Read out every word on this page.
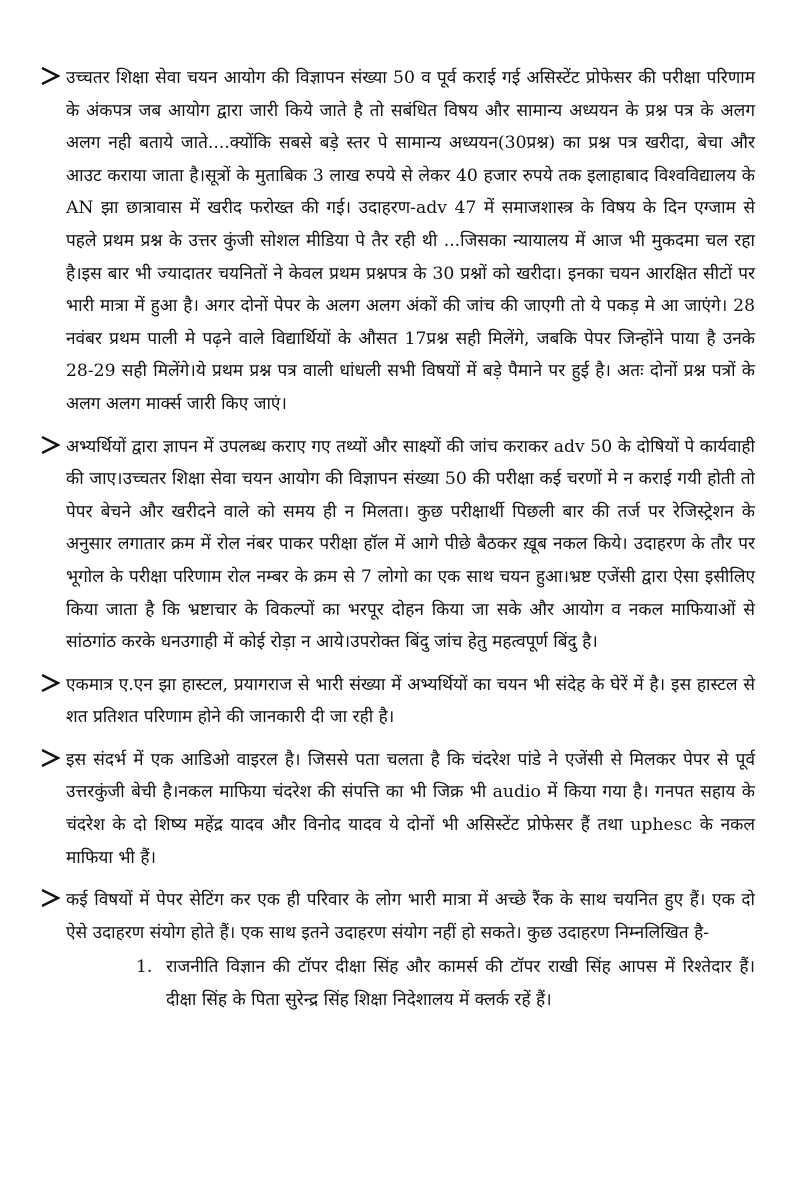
उच्चतर शिक्षा सेवा चयन आयोग की विज्ञापन संख्या 50 व पूर्व कराई गई असिस्टेंट प्रोफेसर की परीक्षा परिणाम के अंकपत्र जब आयोग द्वारा जारी किये जाते है तो सबंधित विषय और सामान्य अध्ययन के प्रश्न पत्र के अलग अलग नही बताये जाते....क्योंकि सबसे बड़े स्तर पे सामान्य अध्ययन(30प्रश्न) का प्रश्न पत्र खरीदा, बेचा और आउट कराया जाता है।सूत्रों के मुताबिक 3 लाख रुपये से लेकर 40 हजार रुपये तक इलाहाबाद विश्वविद्यालय के AN झा छात्रावास में खरीद फरोख्त की गई। उदाहरण-adv 47 में समाजशास्त्र के विषय के दिन एग्जाम से पहले प्रथम प्रश्न के उत्तर कुंजी सोशल मीडिया पे तैर रही थी ...जिसका न्यायालय में आज भी मुकदमा चल रहा है।इस बार भी ज्यादातर चयनितों ने केवल प्रथम प्रश्नपत्र के 30 प्रश्नों को खरीदा। इनका चयन आरक्षित सीटों पर भारी मात्रा में हुआ है। अगर दोनों पेपर के अलग अलग अंकों की जांच की जाएगी तो ये पकड़ मे आ जाएंगे। 28 नवंबर प्रथम पाली मे पढ़ने वाले विद्यार्थियों के औसत 17प्रश्न सही मिलेंगे, जबकि पेपर जिन्होंने पाया है उनके 28-29 सही मिलेंगे।ये प्रथम प्रश्न पत्र वाली धांधली सभी विषयों में बड़े पैमाने पर हुई है। अतः दोनों प्रश्न पत्रों के अलग अलग मार्क्स जारी किए जाएं।

अभ्यर्थियों द्वारा ज्ञापन में उपलब्ध कराए गए तथ्यों और साक्ष्यों की जांच कराकर adv 50 के दोषियों पे कार्यवाही की जाए।उच्चतर शिक्षा सेवा चयन आयोग की विज्ञापन संख्या 50 की परीक्षा कई चरणों मे न कराई गयी होती तो पेपर बेचने और खरीदने वाले को समय ही न मिलता। कुछ परीक्षार्थी पिछली बार की तर्ज पर रेजिस्ट्रेशन के अनुसार लगातार क्रम में रोल नंबर पाकर परीक्षा हॉल में आगे पीछे बैठकर ख़ूब नकल किये। उदाहरण के तौर पर भूगोल के परीक्षा परिणाम रोल नम्बर के क्रम से 7 लोगो का एक साथ चयन हुआ।भ्रष्ट एजेंसी द्वारा ऐसा इसीलिए किया जाता है कि भ्रष्टाचार के विकल्पों का भरपूर दोहन किया जा सके और आयोग व नकल माफियाओं से सांठगांठ करके धनउगाही में कोई रोड़ा न आये।उपरोक्त बिंदु जांच हेतु महत्वपूर्ण बिंदु है।

एकमात्र ए.एन झा हास्टल, प्रयागराज से भारी संख्या में अभ्यर्थियों का चयन भी संदेह के घेरें में है। इस हास्टल से शत प्रतिशत परिणाम होने की जानकारी दी जा रही है।

इस संदर्भ में एक आडिओ वाइरल है। जिससे पता चलता है कि चंदरेश पांडे ने एजेंसी से मिलकर पेपर से पूर्व उत्तरकुंजी बेची है।नकल माफिया चंदरेश की संपत्ति का भी जिक्र भी audio में किया गया है। गनपत सहाय के चंदरेश के दो शिष्य महेंद्र यादव और विनोद यादव ये दोनों भी असिस्टेंट प्रोफेसर हैं तथा uphesc के नकल माफिया भी हैं।

कई विषयों में पेपर सेटिंग कर एक ही परिवार के लोग भारी मात्रा में अच्छे रैंक के साथ चयनित हुए हैं। एक दो ऐसे उदाहरण संयोग होते हैं। एक साथ इतने उदाहरण संयोग नहीं हो सकते। कुछ उदाहरण निम्नलिखित है-

1. राजनीति विज्ञान की टॉपर दीक्षा सिंह और कामर्स की टॉपर राखी सिंह आपस में रिश्तेदार हैं। दीक्षा सिंह के पिता सुरेन्द्र सिंह शिक्षा निदेशालय में क्लर्क रहें हैं।
